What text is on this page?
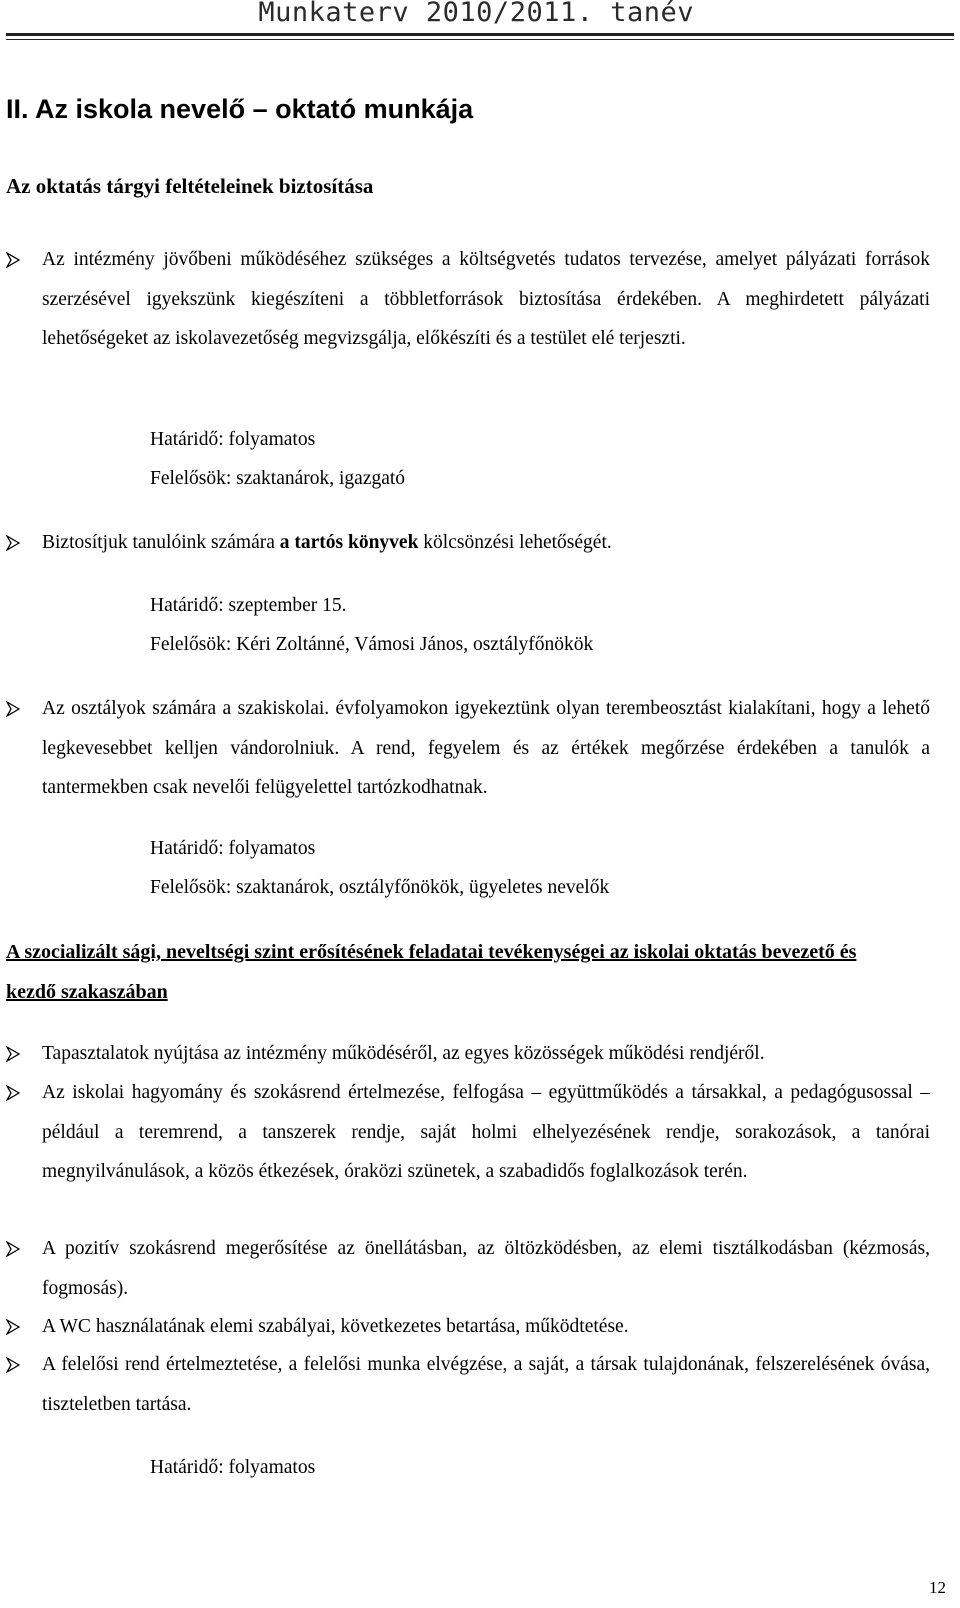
Munkaterv 2010/2011. tanév
II. Az iskola nevelő – oktató munkája
Az oktatás tárgyi feltételeinek biztosítása

Az intézmény jövőbeni működéséhez szükséges a költségvetés tudatos tervezése, amelyet pályázati források szerzésével igyekszünk kiegészíteni a többletforrások biztosítása érdekében. A meghirdetett pályázati lehetőségeket az iskolavezetőség megvizsgálja, előkészíti és a testület elé terjeszti.

Határidő: folyamatos

Felelősök: szaktanárok, igazgató

Biztosítjuk tanulóink számára a tartós könyvek kölcsönzési lehetőségét.

Határidő: szeptember 15.

Felelősök: Kéri Zoltánné, Vámosi János, osztályfőnökök

Az osztályok számára a szakiskolai. évfolyamokon igyekeztünk olyan terembeosztást kialakítani, hogy a lehető legkevesebbet kelljen vándorolniuk. A rend, fegyelem és az értékek megőrzése érdekében a tanulók a tantermekben csak nevelői felügyelettel tartózkodhatnak.

Határidő: folyamatos

Felelősök: szaktanárok, osztályfőnökök, ügyeletes nevelők

A szocializált sági, neveltségi szint erősítésének feladatai tevékenységei az iskolai oktatás bevezető és kezdő szakaszában

Tapasztalatok nyújtása az intézmény működéséről, az egyes közösségek működési rendjéről.

Az iskolai hagyomány és szokásrend értelmezése, felfogása – együttműködés a társakkal, a pedagógusossal – például a teremrend, a tanszerek rendje, saját holmi elhelyezésének rendje, sorakozások, a tanórai megnyilvánulások, a közös étkezések, óraközi szünetek, a szabadidős foglalkozások terén.

A pozitív szokásrend megerősítése az önellátásban, az öltözködésben, az elemi tisztálkodásban (kézmosás, fogmosás).

A WC használatának elemi szabályai, következetes betartása, működtetése.

A felelősi rend értelmeztetése, a felelősi munka elvégzése, a saját, a társak tulajdonának, felszerelésének óvása, tiszteletben tartása.

Határidő: folyamatos

12
